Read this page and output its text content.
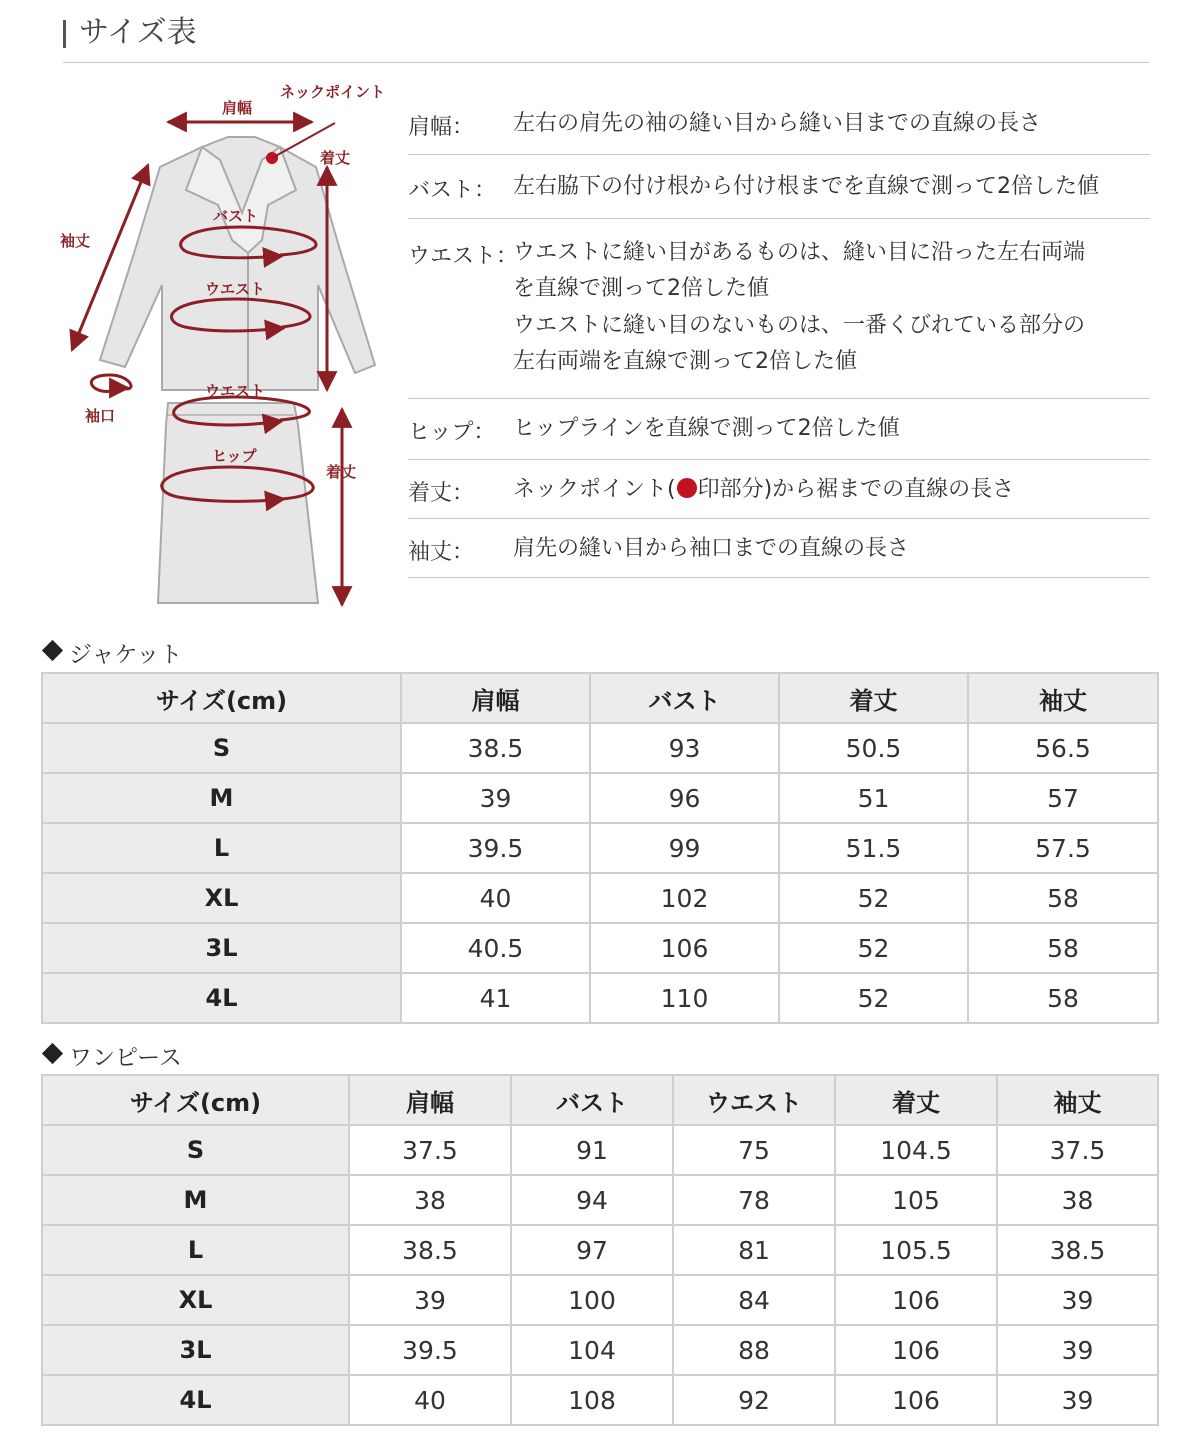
サイズ表
ネックポイント
肩幅
着丈
袖丈
バスト
ウエスト
袖口
ウエスト
ヒップ
着丈
肩幅： 左右の肩先の袖の縫い目から縫い目までの直線の長さ
バスト： 左右脇下の付け根から付け根までを直線で測って2倍した値
ウエスト：
ウエストに縫い目があるものは、縫い目に沿った左右両端
を直線で測って2倍した値
ウエストに縫い目のないものは、一番くびれている部分の
左右両端を直線で測って2倍した値
ヒップ： ヒップラインを直線で測って2倍した値
着丈： ネックポイント( 印部分)から裾までの直線の長さ
袖丈： 肩先の縫い目から袖口までの直線の長さ
ジャケット
サイズ(cm)	肩幅	バスト	着丈	袖丈
S	38.5	93	50.5	56.5
M	39	96	51	57
L	39.5	99	51.5	57.5
XL	40	102	52	58
3L	40.5	106	52	58
4L	41	110	52	58
ワンピース
サイズ(cm)	肩幅	バスト	ウエスト	着丈	袖丈
S	37.5	91	75	104.5	37.5
M	38	94	78	105	38
L	38.5	97	81	105.5	38.5
XL	39	100	84	106	39
3L	39.5	104	88	106	39
4L	40	108	92	106	39
